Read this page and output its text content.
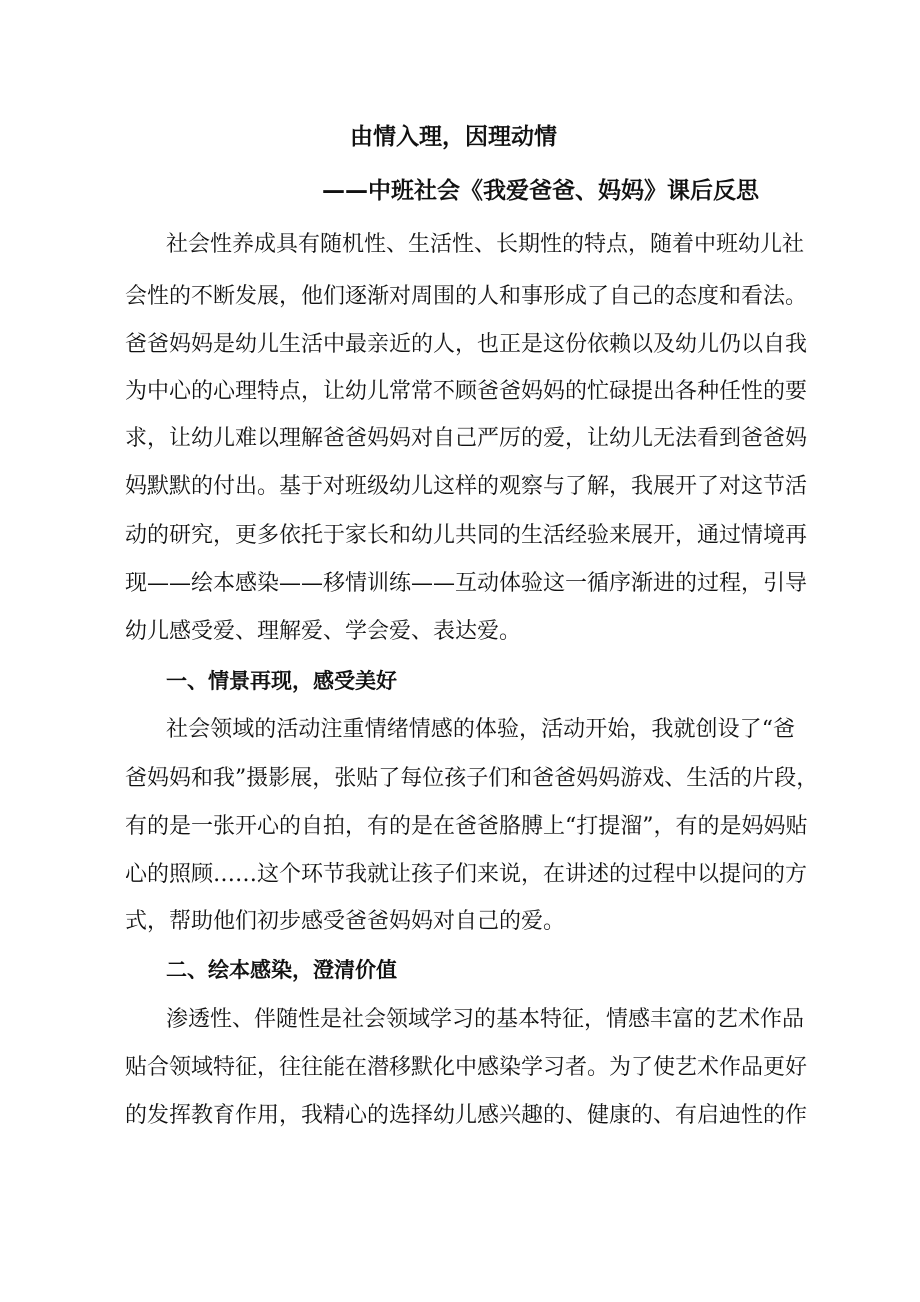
由情入理，因理动情
——中班社会《我爱爸爸、妈妈》课后反思
社会性养成具有随机性、生活性、长期性的特点，随着中班幼儿社
会性的不断发展，他们逐渐对周围的人和事形成了自己的态度和看法。
爸爸妈妈是幼儿生活中最亲近的人，也正是这份依赖以及幼儿仍以自我
为中心的心理特点，让幼儿常常不顾爸爸妈妈的忙碌提出各种任性的要
求，让幼儿难以理解爸爸妈妈对自己严厉的爱，让幼儿无法看到爸爸妈
妈默默的付出。基于对班级幼儿这样的观察与了解，我展开了对这节活
动的研究，更多依托于家长和幼儿共同的生活经验来展开，通过情境再
现——绘本感染——移情训练——互动体验这一循序渐进的过程，引导
幼儿感受爱、理解爱、学会爱、表达爱。
一、情景再现，感受美好
社会领域的活动注重情绪情感的体验，活动开始，我就创设了“爸
爸妈妈和我”摄影展，张贴了每位孩子们和爸爸妈妈游戏、生活的片段，
有的是一张开心的自拍，有的是在爸爸胳膊上“打提溜”，有的是妈妈贴
心的照顾……这个环节我就让孩子们来说，在讲述的过程中以提问的方
式，帮助他们初步感受爸爸妈妈对自己的爱。
二、绘本感染，澄清价值
渗透性、伴随性是社会领域学习的基本特征，情感丰富的艺术作品
贴合领域特征，往往能在潜移默化中感染学习者。为了使艺术作品更好
的发挥教育作用，我精心的选择幼儿感兴趣的、健康的、有启迪性的作
